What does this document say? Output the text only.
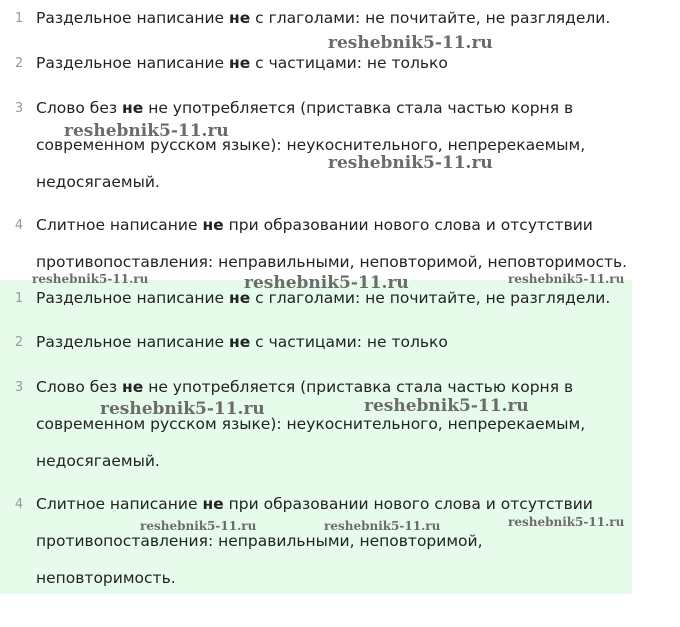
1 Раздельное написание не с глаголами: не почитайте, не разглядели.
2 Раздельное написание не с частицами: не только
3 Слово без не не употребляется (приставка стала частью корня в
современном русском языке): неукоснительного, непререкаемым,
недосягаемый.
4 Слитное написание не при образовании нового слова и отсутствии
противопоставления: неправильными, неповторимой, неповторимость.
1 Раздельное написание не с глаголами: не почитайте, не разглядели.
2 Раздельное написание не с частицами: не только
3 Слово без не не употребляется (приставка стала частью корня в
современном русском языке): неукоснительного, непререкаемым,
недосягаемый.
4 Слитное написание не при образовании нового слова и отсутствии
противопоставления: неправильными, неповторимой,
неповторимость.
reshebnik5-11.ru
reshebnik5-11.ru
reshebnik5-11.ru
reshebnik5-11.ru	reshebnik5-11.ru	reshebnik5-11.ru
reshebnik5-11.ru	reshebnik5-11.ru
reshebnik5-11.ru	reshebnik5-11.ru	reshebnik5-11.ru
